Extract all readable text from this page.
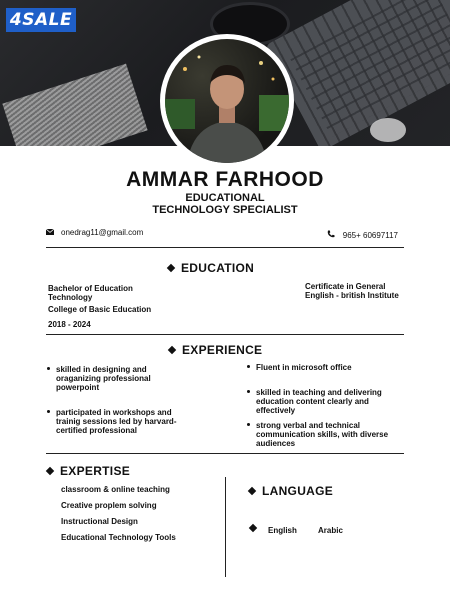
4SALE
AMMAR FARHOOD
EDUCATIONAL
TECHNOLOGY SPECIALIST
onedrag11@gmail.com	965+ 60697117
EDUCATION
Bachelor of Education
Technology
College of Basic Education
2018 - 2024
Certificate in General
English - british Institute
EXPERIENCE
skilled in designing and
oraganizing professional
powerpoint
participated in workshops and
trainig sessions led by harvard-
certified professional
Fluent in microsoft office
skilled in teaching and delivering
education content clearly and
effectively
strong verbal and technical
communication skills, with diverse
audiences
EXPERTISE
classroom & online teaching
Creative proplem solving
Instructional Design
Educational Technology Tools
LANGUAGE
English	Arabic
